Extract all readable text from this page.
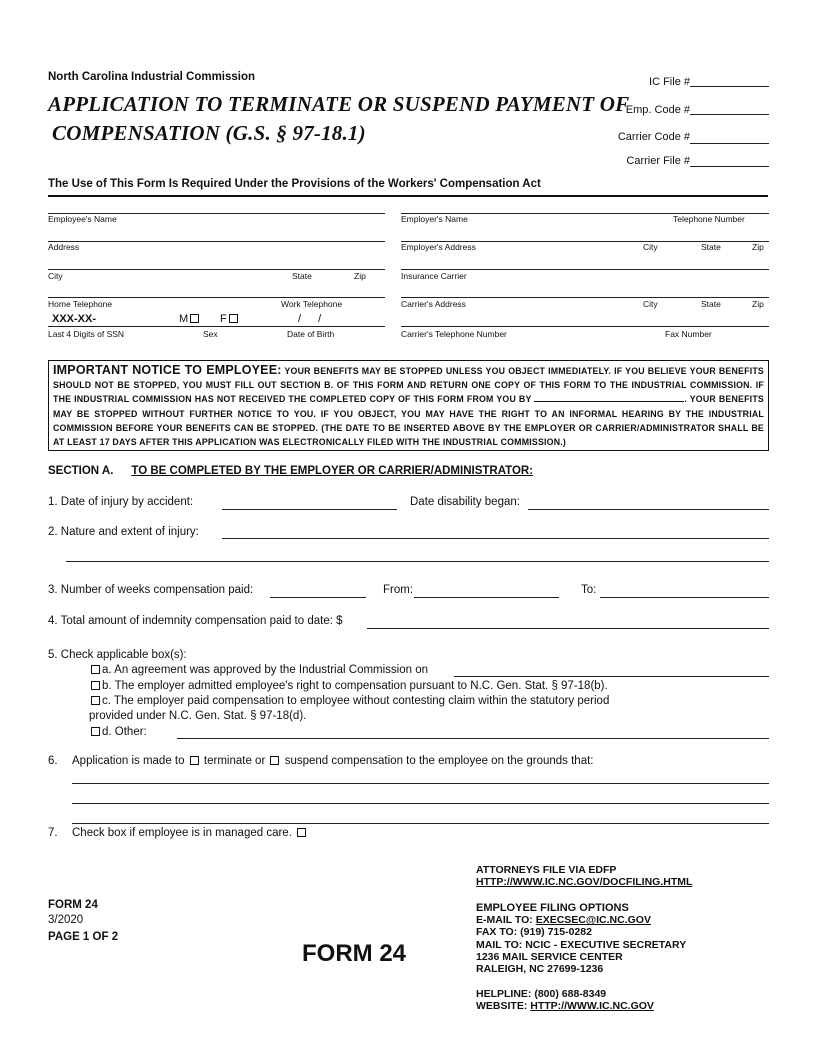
North Carolina Industrial Commission
APPLICATION TO TERMINATE OR SUSPEND PAYMENT OF
COMPENSATION (G.S. § 97-18.1)
IC File #
Emp. Code #
Carrier Code #
Carrier File #
The Use of This Form Is Required Under the Provisions of the Workers' Compensation Act
Employee's Name
Address
City	State	Zip
Home Telephone	Work Telephone
XXX-XX-	M	F	/ /
Last 4 Digits of SSN	Sex	Date of Birth
Employer's Name	Telephone Number
Employer's Address	City	State	Zip
Insurance Carrier
Carrier's Address	City	State	Zip
Carrier's Telephone Number	Fax Number
IMPORTANT NOTICE TO EMPLOYEE: YOUR BENEFITS MAY BE STOPPED UNLESS YOU OBJECT IMMEDIATELY. IF YOU BELIEVE YOUR BENEFITS SHOULD NOT BE STOPPED, YOU MUST FILL OUT SECTION B. OF THIS FORM AND RETURN ONE COPY OF THIS FORM TO THE INDUSTRIAL COMMISSION. IF THE INDUSTRIAL COMMISSION HAS NOT RECEIVED THE COMPLETED COPY OF THIS FORM FROM YOU BY	. YOUR BENEFITS MAY BE STOPPED WITHOUT FURTHER NOTICE TO YOU. IF YOU OBJECT, YOU MAY HAVE THE RIGHT TO AN INFORMAL HEARING BY THE INDUSTRIAL COMMISSION BEFORE YOUR BENEFITS CAN BE STOPPED. (THE DATE TO BE INSERTED ABOVE BY THE EMPLOYER OR CARRIER/ADMINISTRATOR SHALL BE AT LEAST 17 DAYS AFTER THIS APPLICATION WAS ELECTRONICALLY FILED WITH THE INDUSTRIAL COMMISSION.)
SECTION A. TO BE COMPLETED BY THE EMPLOYER OR CARRIER/ADMINISTRATOR:
1. Date of injury by accident:	Date disability began:
2. Nature and extent of injury:
3. Number of weeks compensation paid:	From:	To:
4. Total amount of indemnity compensation paid to date: $
5. Check applicable box(s):
a. An agreement was approved by the Industrial Commission on
b. The employer admitted employee's right to compensation pursuant to N.C. Gen. Stat. § 97-18(b).
c. The employer paid compensation to employee without contesting claim within the statutory period
provided under N.C. Gen. Stat. § 97-18(d).
d. Other:
6. Application is made to terminate or suspend compensation to the employee on the grounds that:
7. Check box if employee is in managed care.
FORM 24
3/2020
PAGE 1 OF 2
FORM 24
ATTORNEYS FILE VIA EDFP
HTTP://WWW.IC.NC.GOV/DOCFILING.HTML
EMPLOYEE FILING OPTIONS
E-MAIL TO: EXECSEC@IC.NC.GOV
FAX TO: (919) 715-0282
MAIL TO: NCIC - EXECUTIVE SECRETARY
1236 MAIL SERVICE CENTER
RALEIGH, NC 27699-1236
HELPLINE: (800) 688-8349
WEBSITE: HTTP://WWW.IC.NC.GOV
